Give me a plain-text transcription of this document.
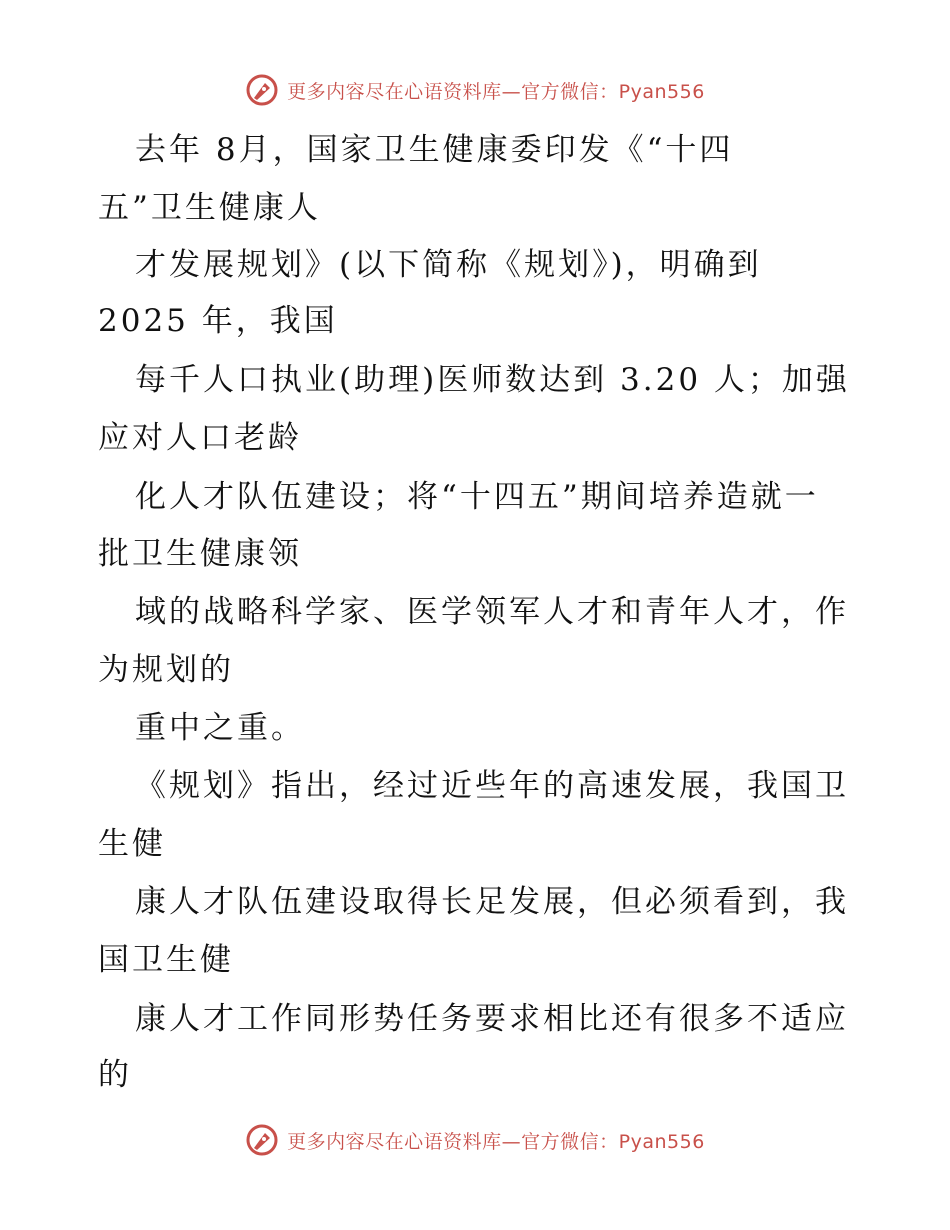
更多内容尽在心语资料库—官方微信：Pyan556
去年 8月，国家卫生健康委印发《“十四
五”卫生健康人
才发展规划》(以下简称《规划》)，明确到
2025 年，我国
每千人口执业(助理)医师数达到 3.20 人；加强
应对人口老龄
化人才队伍建设；将“十四五”期间培养造就一
批卫生健康领
域的战略科学家、医学领军人才和青年人才，作
为规划的
重中之重。
《规划》指出，经过近些年的高速发展，我国卫
生健
康人才队伍建设取得长足发展，但必须看到，我
国卫生健
康人才工作同形势任务要求相比还有很多不适应
的
更多内容尽在心语资料库—官方微信：Pyan556
